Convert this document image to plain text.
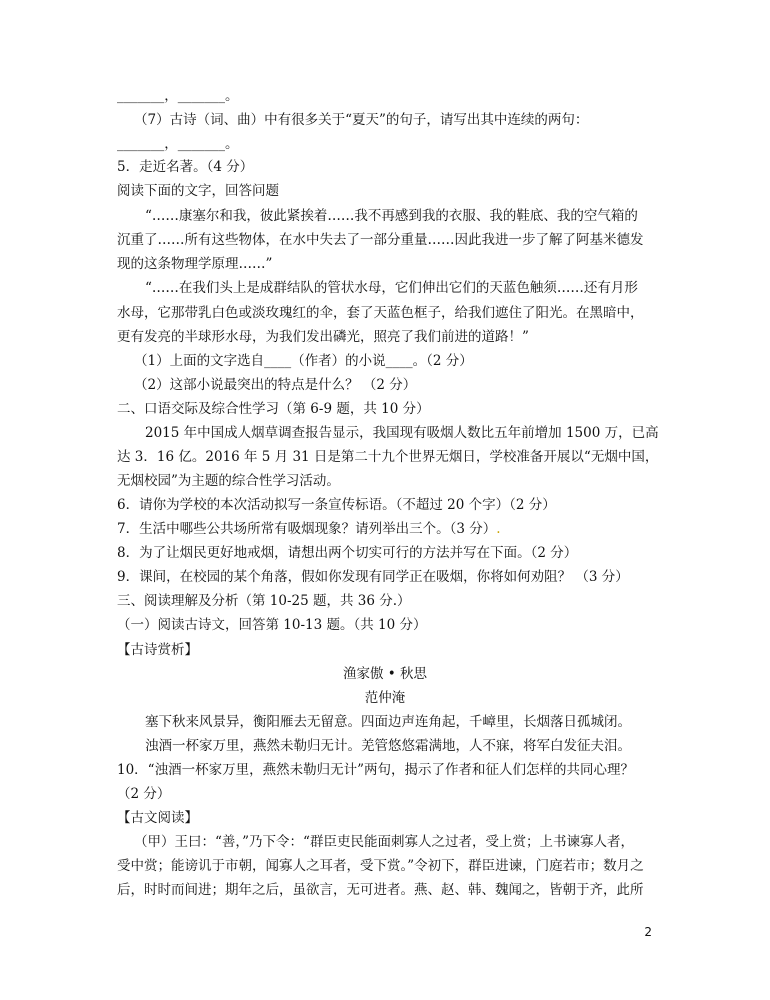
_______，_______。
（7）古诗（词、曲）中有很多关于“夏天”的句子，请写出其中连续的两句：
_______，_______。
5．走近名著。（4 分）
阅读下面的文字，回答问题
“……康塞尔和我，彼此紧挨着……我不再感到我的衣服、我的鞋底、我的空气箱的
沉重了……所有这些物体，在水中失去了一部分重量……因此我进一步了解了阿基米德发
现的这条物理学原理……”
“……在我们头上是成群结队的管状水母，它们伸出它们的天蓝色触须……还有月形
水母，它那带乳白色或淡玫瑰红的伞，套了天蓝色框子，给我们遮住了阳光。在黑暗中，
更有发亮的半球形水母，为我们发出磷光，照亮了我们前进的道路！”
（1）上面的文字选自____（作者）的小说____。（2 分）
（2）这部小说最突出的特点是什么？ （2 分）
二、口语交际及综合性学习（第 6-9 题，共 10 分）
2015 年中国成人烟草调查报告显示，我国现有吸烟人数比五年前增加 1500 万，已高
达 3．16 亿。2016 年 5 月 31 日是第二十九个世界无烟日，学校准备开展以“无烟中国，
无烟校园”为主题的综合性学习活动。
6．请你为学校的本次活动拟写一条宣传标语。（不超过 20 个字）（2 分）
7．生活中哪些公共场所常有吸烟现象？请列举出三个。（3 分）.
8．为了让烟民更好地戒烟，请想出两个切实可行的方法并写在下面。（2 分）
9．课间，在校园的某个角落，假如你发现有同学正在吸烟，你将如何劝阻？ （3 分）
三、阅读理解及分析（第 10-25 题，共 36 分.）
（一）阅读古诗文，回答第 10-13 题。（共 10 分）
【古诗赏析】
渔家傲 • 秋思
范仲淹
塞下秋来风景异，衡阳雁去无留意。四面边声连角起，千嶂里，长烟落日孤城闭。
浊酒一杯家万里，燕然未勒归无计。羌管悠悠霜满地，人不寐，将军白发征夫泪。
10．“浊酒一杯家万里，燕然未勒归无计”两句，揭示了作者和征人们怎样的共同心理？
（2 分）
【古文阅读】
（甲）王曰：“善，”乃下令：“群臣吏民能面刺寡人之过者，受上赏；上书谏寡人者，
受中赏；能谤讥于市朝，闻寡人之耳者，受下赏。”令初下，群臣进谏，门庭若市；数月之
后，时时而间进；期年之后，虽欲言，无可进者。燕、赵、韩、魏闻之，皆朝于齐，此所
2
